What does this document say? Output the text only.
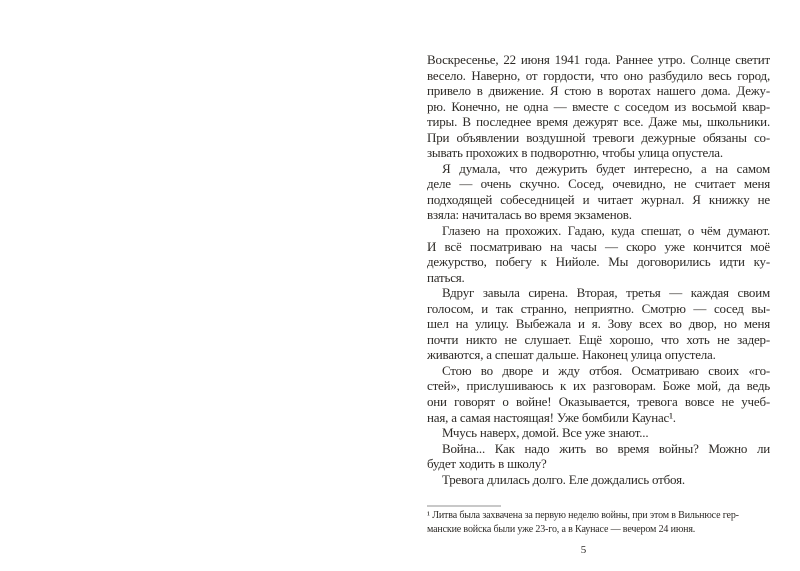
Воскресенье, 22 июня 1941 года. Раннее утро. Солнце светит
весело. Наверно, от гордости, что оно разбудило весь город,
привело в движение. Я стою в воротах нашего дома. Дежу-
рю. Конечно, не одна — вместе с соседом из восьмой квар-
тиры. В последнее время дежурят все. Даже мы, школьники.
При объявлении воздушной тревоги дежурные обязаны со-
зывать прохожих в подворотню, чтобы улица опустела.
Я думала, что дежурить будет интересно, а на самом
деле — очень скучно. Сосед, очевидно, не считает меня
подходящей собеседницей и читает журнал. Я книжку не
взяла: начиталась во время экзаменов.
Глазею на прохожих. Гадаю, куда спешат, о чём думают.
И всё посматриваю на часы — скоро уже кончится моё
дежурство, побегу к Нийоле. Мы договорились идти ку-
паться.
Вдруг завыла сирена. Вторая, третья — каждая своим
голосом, и так странно, неприятно. Смотрю — сосед вы-
шел на улицу. Выбежала и я. Зову всех во двор, но меня
почти никто не слушает. Ещё хорошо, что хоть не задер-
живаются, а спешат дальше. Наконец улица опустела.
Стою во дворе и жду отбоя. Осматриваю своих «го-
стей», прислушиваюсь к их разговорам. Боже мой, да ведь
они говорят о войне! Оказывается, тревога вовсе не учеб-
ная, а самая настоящая! Уже бомбили Каунас¹.
Мчусь наверх, домой. Все уже знают...
Война... Как надо жить во время войны? Можно ли
будет ходить в школу?
Тревога длилась долго. Еле дождались отбоя.
¹ Литва была захвачена за первую неделю войны, при этом в Вильнюсе гер-
манские войска были уже 23-го, а в Каунасе — вечером 24 июня.
5
